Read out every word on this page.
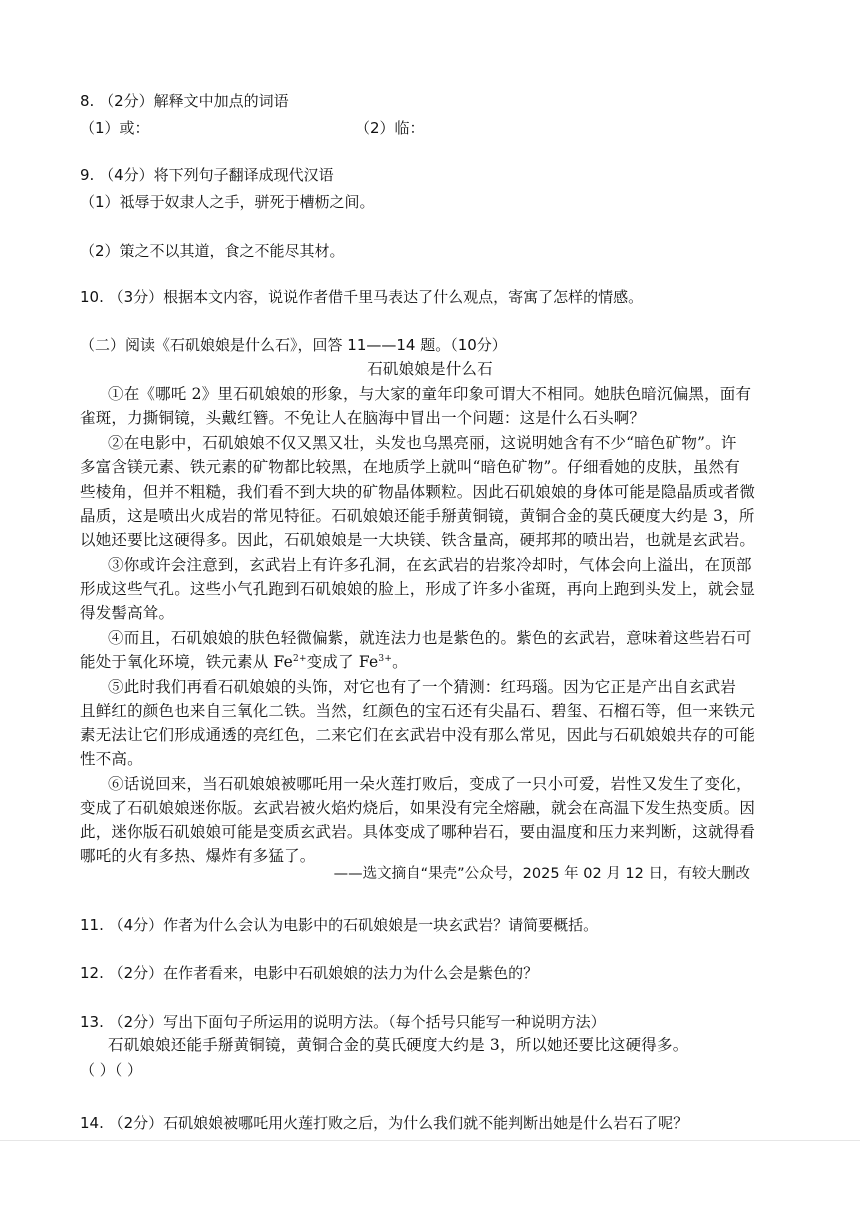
8. （2分）解释文中加点的词语
（1）或：	（2）临：
9. （4分）将下列句子翻译成现代汉语
（1）祗辱于奴隶人之手，骈死于槽枥之间。
（2）策之不以其道，食之不能尽其材。
10. （3分）根据本文内容，说说作者借千里马表达了什么观点，寄寓了怎样的情感。
（二）阅读《石矶娘娘是什么石》，回答 11——14 题。（10分）
石矶娘娘是什么石
①在《哪吒 2》里石矶娘娘的形象，与大家的童年印象可谓大不相同。她肤色暗沉偏黑，面有
雀斑，力撕铜镜，头戴红簪。不免让人在脑海中冒出一个问题：这是什么石头啊？
②在电影中，石矶娘娘不仅又黑又壮，头发也乌黑亮丽，这说明她含有不少“暗色矿物”。许
多富含镁元素、铁元素的矿物都比较黑，在地质学上就叫“暗色矿物”。仔细看她的皮肤，虽然有
些棱角，但并不粗糙，我们看不到大块的矿物晶体颗粒。因此石矶娘娘的身体可能是隐晶质或者微
晶质，这是喷出火成岩的常见特征。石矶娘娘还能手掰黄铜镜，黄铜合金的莫氏硬度大约是 3，所
以她还要比这硬得多。因此，石矶娘娘是一大块镁、铁含量高，硬邦邦的喷出岩，也就是玄武岩。
③你或许会注意到，玄武岩上有许多孔洞，在玄武岩的岩浆冷却时，气体会向上溢出，在顶部
形成这些气孔。这些小气孔跑到石矶娘娘的脸上，形成了许多小雀斑，再向上跑到头发上，就会显
得发髻高耸。
④而且，石矶娘娘的肤色轻微偏紫，就连法力也是紫色的。紫色的玄武岩，意味着这些岩石可
能处于氧化环境，铁元素从 $Fe^{2+}$变成了 $Fe^{3+}$。
⑤此时我们再看石矶娘娘的头饰，对它也有了一个猜测：红玛瑙。因为它正是产出自玄武岩
且鲜红的颜色也来自三氧化二铁。当然，红颜色的宝石还有尖晶石、碧玺、石榴石等，但一来铁元
素无法让它们形成通透的亮红色，二来它们在玄武岩中没有那么常见，因此与石矶娘娘共存的可能
性不高。
⑥话说回来，当石矶娘娘被哪吒用一朵火莲打败后，变成了一只小可爱，岩性又发生了变化，
变成了石矶娘娘迷你版。玄武岩被火焰灼烧后，如果没有完全熔融，就会在高温下发生热变质。因
此，迷你版石矶娘娘可能是变质玄武岩。具体变成了哪种岩石，要由温度和压力来判断，这就得看
哪吒的火有多热、爆炸有多猛了。
——选文摘自“果壳”公众号，2025 年 02 月 12 日，有较大删改
11. （4分）作者为什么会认为电影中的石矶娘娘是一块玄武岩？请简要概括。
12. （2分）在作者看来，电影中石矶娘娘的法力为什么会是紫色的？
13. （2分）写出下面句子所运用的说明方法。（每个括号只能写一种说明方法）
石矶娘娘还能手掰黄铜镜，黄铜合金的莫氏硬度大约是 3，所以她还要比这硬得多。
（ ）（ ）
14. （2分）石矶娘娘被哪吒用火莲打败之后，为什么我们就不能判断出她是什么岩石了呢？
